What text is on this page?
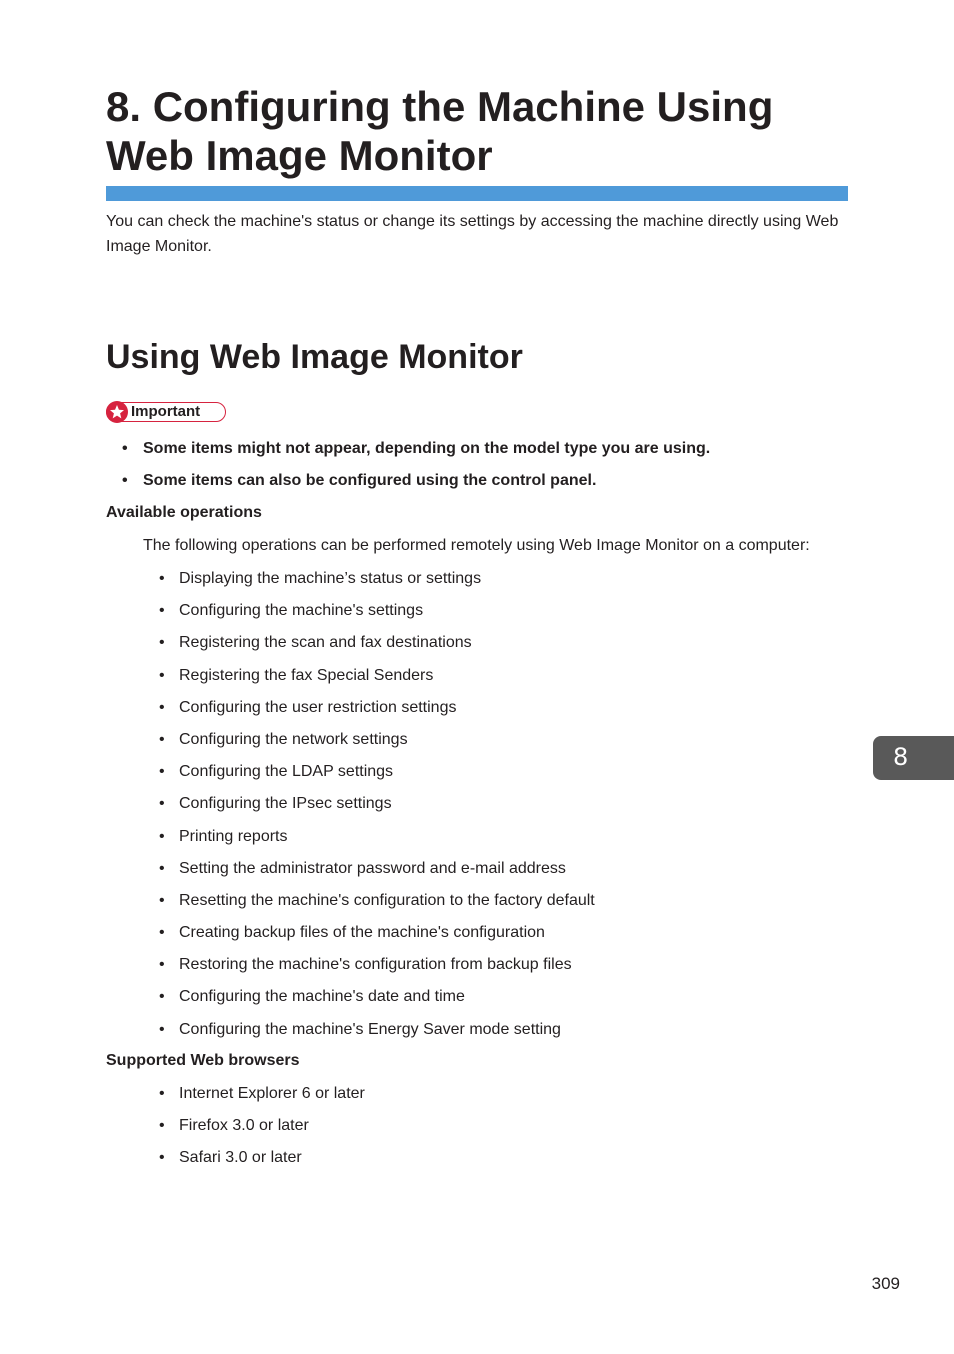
8. Configuring the Machine Using Web Image Monitor

You can check the machine's status or change its settings by accessing the machine directly using Web Image Monitor.

Using Web Image Monitor
Important
• Some items might not appear, depending on the model type you are using.
• Some items can also be configured using the control panel.

Available operations

The following operations can be performed remotely using Web Image Monitor on a computer:

• Displaying the machine’s status or settings
• Configuring the machine's settings
• Registering the scan and fax destinations
• Registering the fax Special Senders
• Configuring the user restriction settings
• Configuring the network settings
• Configuring the LDAP settings
• Configuring the IPsec settings
• Printing reports
• Setting the administrator password and e-mail address
• Resetting the machine's configuration to the factory default
• Creating backup files of the machine's configuration
• Restoring the machine's configuration from backup files
• Configuring the machine's date and time
• Configuring the machine's Energy Saver mode setting

Supported Web browsers

• Internet Explorer 6 or later
• Firefox 3.0 or later
• Safari 3.0 or later
8
309
